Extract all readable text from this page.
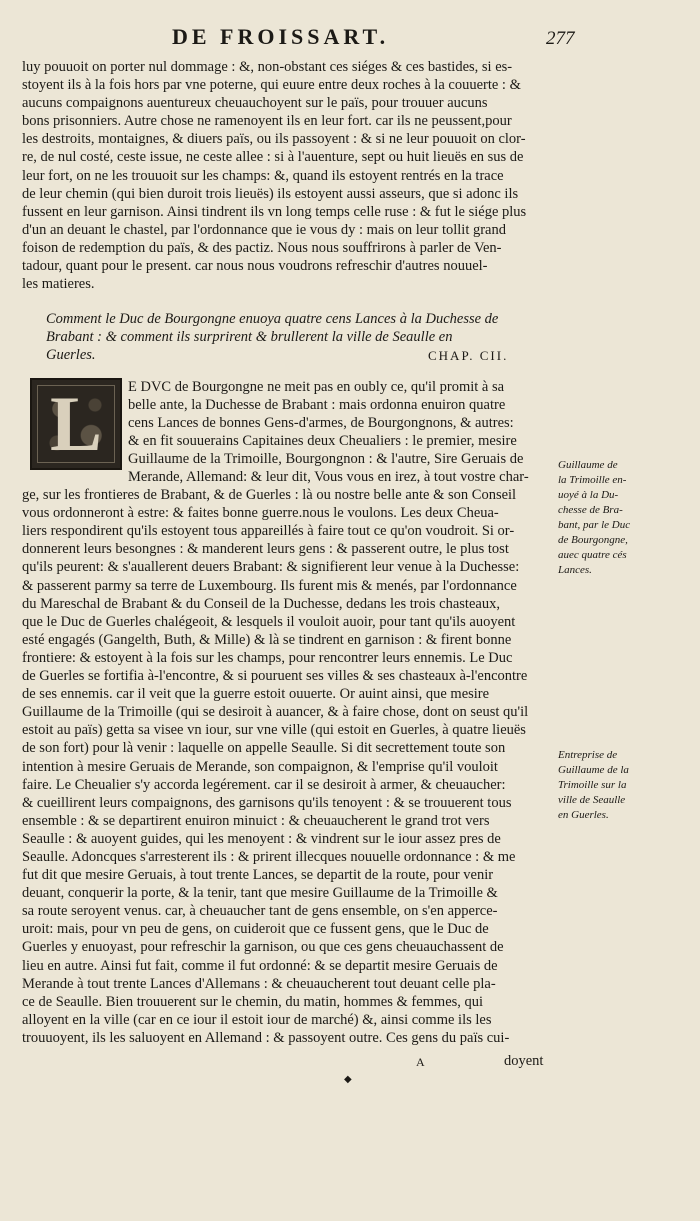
DE FROISSART.	277
luy pouuoit on porter nul dommage : &, non-obstant ces siéges & ces bastides, si es-
stoyent ils à la fois hors par vne poterne, qui euure entre deux roches à la couuerte : &
aucuns compaignons auentureux cheuauchoyent sur le païs, pour trouuer aucuns
bons prisonniers. Autre chose ne ramenoyent ils en leur fort. car ils ne peussent,pour
les destroits, montaignes, & diuers païs, ou ils passoyent : & si ne leur pouuoit on clor-
re, de nul costé, ceste issue, ne ceste allee : si à l'auenture, sept ou huit lieuës en sus de
leur fort, on ne les trouuoit sur les champs: &, quand ils estoyent rentrés en la trace
de leur chemin (qui bien duroit trois lieuës) ils estoyent aussi asseurs, que si adonc ils
fussent en leur garnison. Ainsi tindrent ils vn long temps celle ruse : & fut le siége plus
d'un an deuant le chastel, par l'ordonnance que ie vous dy : mais on leur tollit grand
foison de redemption du païs, & des pactiz. Nous nous souffrirons à parler de Ven-
tadour, quant pour le present. car nous nous voudrons refreschir d'autres nouuel-
les matieres.
Comment le Duc de Bourgongne enuoya quatre cens Lances à la Duchesse de
Brabant : & comment ils surprirent & brullerent la ville de Seaulle en
Guerles.	CHAP. CII.
L E DVC de Bourgongne ne meit pas en oubly ce, qu'il promit à sa
belle ante, la Duchesse de Brabant : mais ordonna enuiron quatre
cens Lances de bonnes Gens-d'armes, de Bourgongnons, & autres:
& en fit souuerains Capitaines deux Cheualiers : le premier, mesire
Guillaume de la Trimoille, Bourgongnon : & l'autre, Sire Geruais de
Merande, Allemand: & leur dit, Vous vous en irez, à tout vostre char-
ge, sur les frontieres de Brabant, & de Guerles : là ou nostre belle ante & son Conseil
vous ordonneront à estre: & faites bonne guerre.nous le voulons. Les deux Cheua-
liers respondirent qu'ils estoyent tous appareillés à faire tout ce qu'on voudroit. Si or-
donnerent leurs besongnes : & manderent leurs gens : & passerent outre, le plus tost
qu'ils peurent: & s'auallerent deuers Brabant: & signifierent leur venue à la Duchesse:
& passerent parmy sa terre de Luxembourg. Ils furent mis & menés, par l'ordonnance
du Mareschal de Brabant & du Conseil de la Duchesse, dedans les trois chasteaux,
que le Duc de Guerles chalégeoit, & lesquels il vouloit auoir, pour tant qu'ils auoyent
esté engagés (Gangelth, Buth, & Mille) & là se tindrent en garnison : & firent bonne
frontiere: & estoyent à la fois sur les champs, pour rencontrer leurs ennemis. Le Duc
de Guerles se fortifia à-l'encontre, & si pouruent ses villes & ses chasteaux à-l'encontre
de ses ennemis. car il veit que la guerre estoit ouuerte. Or auint ainsi, que mesire
Guillaume de la Trimoille (qui se desiroit à auancer, & à faire chose, dont on seust qu'il
estoit au païs) getta sa visee vn iour, sur vne ville (qui estoit en Guerles, à quatre lieuës
de son fort) pour là venir : laquelle on appelle Seaulle. Si dit secrettement toute son
intention à mesire Geruais de Merande, son compaignon, & l'emprise qu'il vouloit
faire. Le Cheualier s'y accorda legérement. car il se desiroit à armer, & cheuaucher:
& cueillirent leurs compaignons, des garnisons qu'ils tenoyent : & se trouuerent tous
ensemble : & se departirent enuiron minuict : & cheuaucherent le grand trot vers
Seaulle : & auoyent guides, qui les menoyent : & vindrent sur le iour assez pres de
Seaulle. Adoncques s'arresterent ils : & prirent illecques nouuelle ordonnance : & me
fut dit que mesire Geruais, à tout trente Lances, se departit de la route, pour venir
deuant, conquerir la porte, & la tenir, tant que mesire Guillaume de la Trimoille &
sa route seroyent venus. car, à cheuaucher tant de gens ensemble, on s'en apperce-
uroit: mais, pour vn peu de gens, on cuideroit que ce fussent gens, que le Duc de
Guerles y enuoyast, pour refreschir la garnison, ou que ces gens cheuauchassent de
lieu en autre. Ainsi fut fait, comme il fut ordonné: & se departit mesire Geruais de
Merande à tout trente Lances d'Allemans : & cheuaucherent tout deuant celle pla-
ce de Seaulle. Bien trouuerent sur le chemin, du matin, hommes & femmes, qui
alloyent en la ville (car en ce iour il estoit iour de marché) &, ainsi comme ils les
trouuoyent, ils les saluoyent en Allemand : & passoyent outre. Ces gens du païs cui-
Guillaume de
la Trimoille en-
uoyé à la Du-
chesse de Bra-
bant, par le Duc
de Bourgongne,
auec quatre cés
Lances.
Entreprise de
Guillaume de la
Trimoille sur la
ville de Seaulle
en Guerles.
A	doyent
◆
